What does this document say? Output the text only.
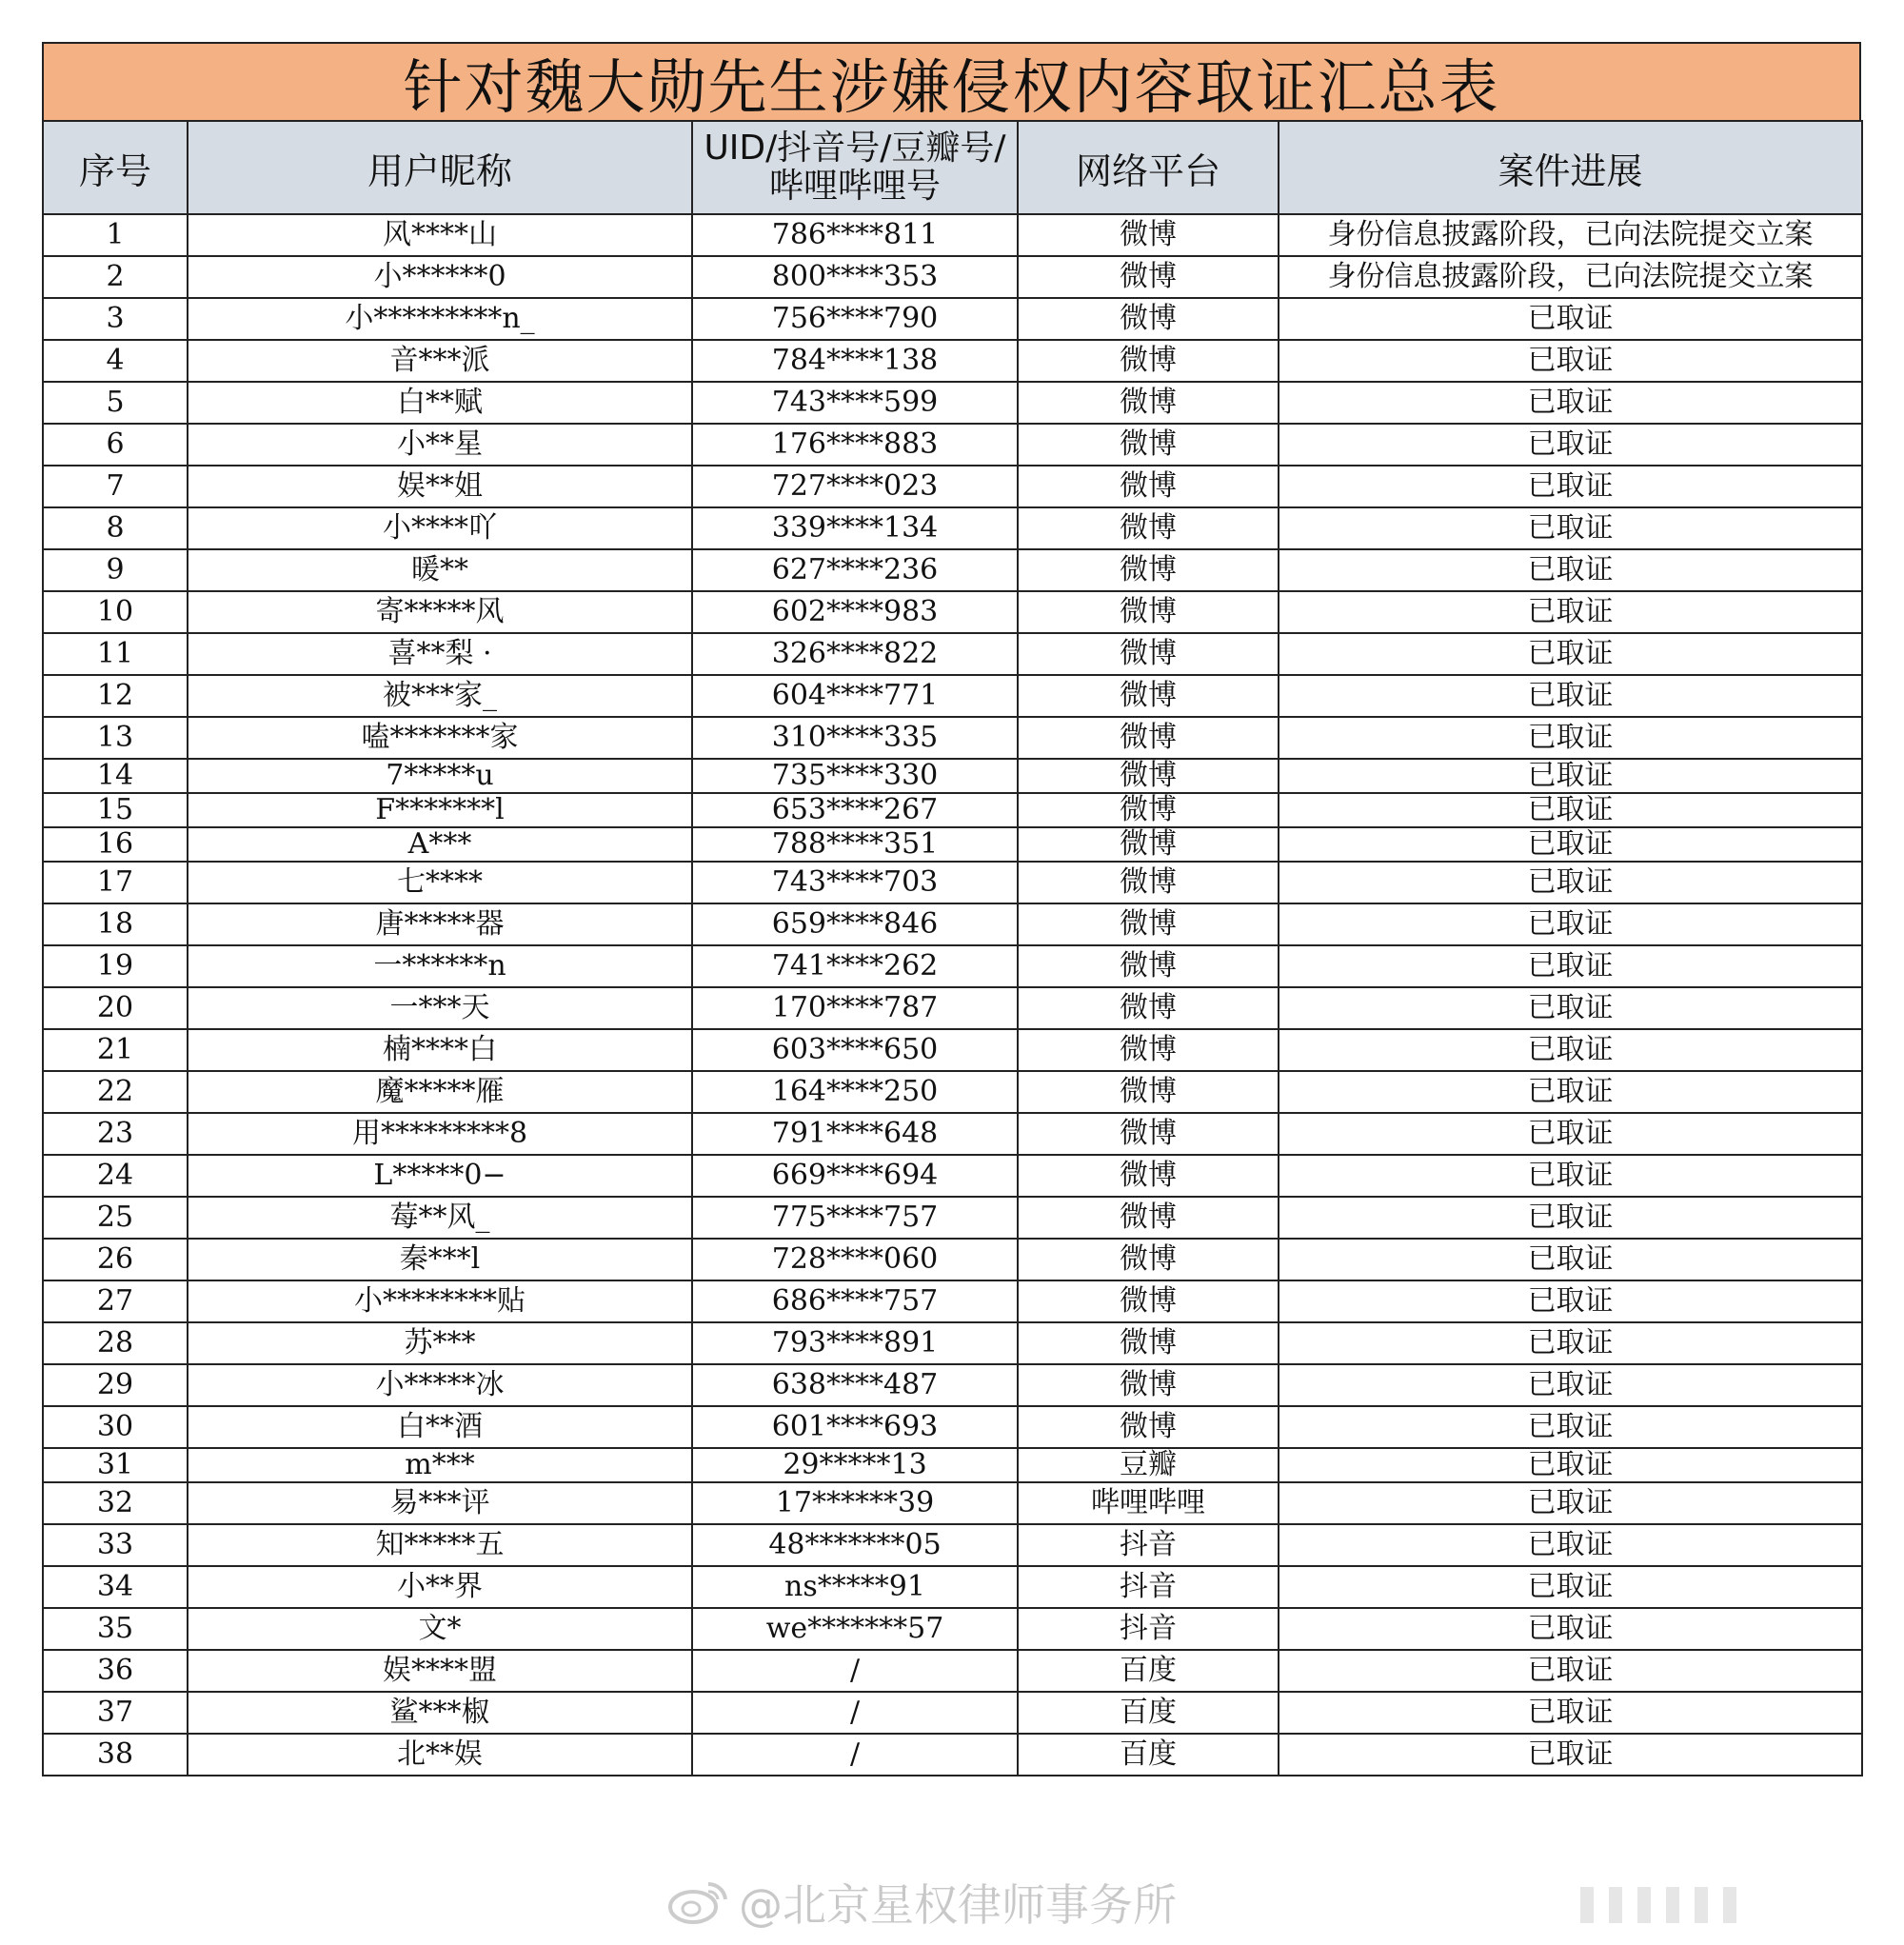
针对魏大勋先生涉嫌侵权内容取证汇总表
序号	用户昵称	UID/抖音号/豆瓣号/哔哩哔哩号	网络平台	案件进展
1	风****山	786****811	微博	身份信息披露阶段，已向法院提交立案
2	小******0	800****353	微博	身份信息披露阶段，已向法院提交立案
3	小*********n_	756****790	微博	已取证
4	音***派	784****138	微博	已取证
5	白**赋	743****599	微博	已取证
6	小**星	176****883	微博	已取证
7	娱**姐	727****023	微博	已取证
8	小****吖	339****134	微博	已取证
9	暖**	627****236	微博	已取证
10	寄*****风	602****983	微博	已取证
11	喜**梨 ·	326****822	微博	已取证
12	被***家_	604****771	微博	已取证
13	嗑*******家	310****335	微博	已取证
14	7*****u	735****330	微博	已取证
15	F*******l	653****267	微博	已取证
16	A***	788****351	微博	已取证
17	七****	743****703	微博	已取证
18	唐*****器	659****846	微博	已取证
19	一******n	741****262	微博	已取证
20	一***天	170****787	微博	已取证
21	楠****白	603****650	微博	已取证
22	魔*****雁	164****250	微博	已取证
23	用*********8	791****648	微博	已取证
24	L*****0−	669****694	微博	已取证
25	莓**风_	775****757	微博	已取证
26	秦***l	728****060	微博	已取证
27	小********贴	686****757	微博	已取证
28	苏***	793****891	微博	已取证
29	小*****冰	638****487	微博	已取证
30	白**酒	601****693	微博	已取证
31	m***	29*****13	豆瓣	已取证
32	易***评	17******39	哔哩哔哩	已取证
33	知*****五	48*******05	抖音	已取证
34	小**界	ns*****91	抖音	已取证
35	文*	we*******57	抖音	已取证
36	娱****盟	/	百度	已取证
37	鲨***椒	/	百度	已取证
38	北**娱	/	百度	已取证
@北京星权律师事务所
